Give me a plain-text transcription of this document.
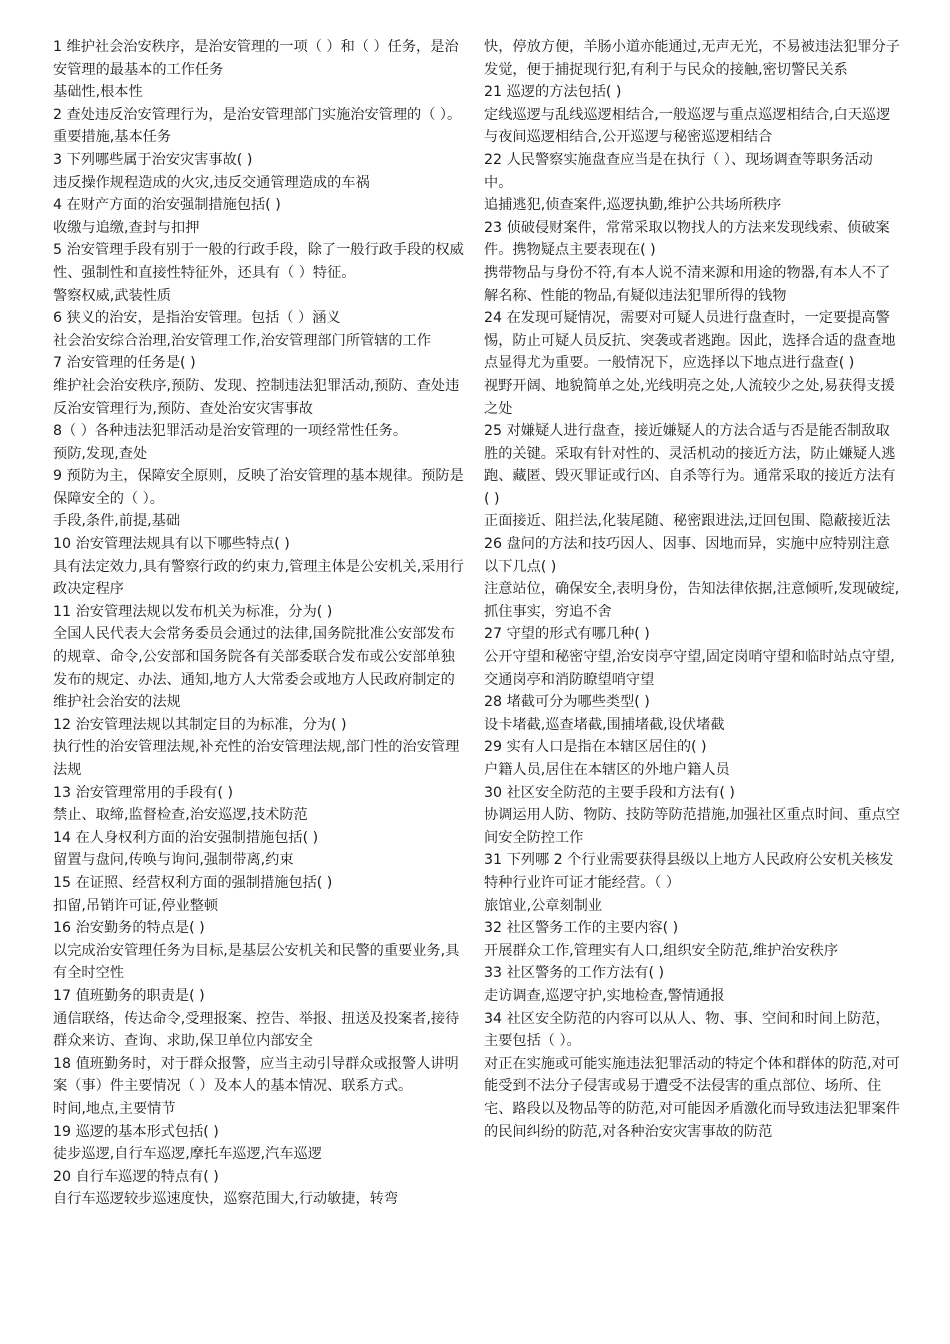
1 维护社会治安秩序，是治安管理的一项（ ）和（ ）任务，是治安管理的最基本的工作任务

基础性,根本性

2 查处违反治安管理行为，是治安管理部门实施治安管理的（ ）。

重要措施,基本任务

3 下列哪些属于治安灾害事故( )

违反操作规程造成的火灾,违反交通管理造成的车祸

4 在财产方面的治安强制措施包括( )

收缴与追缴,查封与扣押

5 治安管理手段有别于一般的行政手段，除了一般行政手段的权威性、强制性和直接性特征外，还具有（ ）特征。

警察权威,武装性质

6 狭义的治安，是指治安管理。包括（ ）涵义

社会治安综合治理,治安管理工作,治安管理部门所管辖的工作

7 治安管理的任务是( )

维护社会治安秩序,预防、发现、控制违法犯罪活动,预防、查处违反治安管理行为,预防、查处治安灾害事故

8（ ）各种违法犯罪活动是治安管理的一项经常性任务。

预防,发现,查处

9 预防为主，保障安全原则，反映了治安管理的基本规律。预防是保障安全的（ ）。

手段,条件,前提,基础

10 治安管理法规具有以下哪些特点( )

具有法定效力,具有警察行政的约束力,管理主体是公安机关,采用行政决定程序

11 治安管理法规以发布机关为标准，分为( )

全国人民代表大会常务委员会通过的法律,国务院批准公安部发布的规章、命令,公安部和国务院各有关部委联合发布或公安部单独发布的规定、办法、通知,地方人大常委会或地方人民政府制定的维护社会治安的法规

12 治安管理法规以其制定目的为标准，分为( )

执行性的治安管理法规,补充性的治安管理法规,部门性的治安管理法规

13 治安管理常用的手段有( )

禁止、取缔,监督检查,治安巡逻,技术防范

14 在人身权利方面的治安强制措施包括( )

留置与盘问,传唤与询问,强制带离,约束

15 在证照、经营权利方面的强制措施包括( )

扣留,吊销许可证,停业整顿

16 治安勤务的特点是( )

以完成治安管理任务为目标,是基层公安机关和民警的重要业务,具有全时空性

17 值班勤务的职责是( )

通信联络，传达命令,受理报案、控告、举报、扭送及投案者,接待群众来访、查询、求助,保卫单位内部安全

18 值班勤务时，对于群众报警，应当主动引导群众或报警人讲明案（事）件主要情况（ ）及本人的基本情况、联系方式。

时间,地点,主要情节

19 巡逻的基本形式包括( )

徒步巡逻,自行车巡逻,摩托车巡逻,汽车巡逻

20 自行车巡逻的特点有( )

自行车巡逻较步巡速度快，巡察范围大,行动敏捷，转弯

快，停放方便，羊肠小道亦能通过,无声无光，不易被违法犯罪分子发觉，便于捕捉现行犯,有利于与民众的接触,密切警民关系

21 巡逻的方法包括( )

定线巡逻与乱线巡逻相结合,一般巡逻与重点巡逻相结合,白天巡逻与夜间巡逻相结合,公开巡逻与秘密巡逻相结合

22 人民警察实施盘查应当是在执行（ ）、现场调查等职务活动中。

追捕逃犯,侦查案件,巡逻执勤,维护公共场所秩序

23 侦破侵财案件，常常采取以物找人的方法来发现线索、侦破案件。携物疑点主要表现在( )

携带物品与身份不符,有本人说不清来源和用途的物器,有本人不了解名称、性能的物品,有疑似违法犯罪所得的钱物

24 在发现可疑情况，需要对可疑人员进行盘查时，一定要提高警惕，防止可疑人员反抗、突袭或者逃跑。因此，选择合适的盘查地点显得尤为重要。一般情况下，应选择以下地点进行盘查( )

视野开阔、地貌简单之处,光线明亮之处,人流较少之处,易获得支援之处

25 对嫌疑人进行盘查，接近嫌疑人的方法合适与否是能否制敌取胜的关键。采取有针对性的、灵活机动的接近方法，防止嫌疑人逃跑、藏匿、毁灭罪证或行凶、自杀等行为。通常采取的接近方法有( )

正面接近、阻拦法,化装尾随、秘密跟进法,迂回包围、隐蔽接近法

26 盘问的方法和技巧因人、因事、因地而异，实施中应特别注意以下几点( )

注意站位，确保安全,表明身份，告知法律依据,注意倾听,发现破绽,抓住事实，穷追不舍

27 守望的形式有哪几种( )

公开守望和秘密守望,治安岗亭守望,固定岗哨守望和临时站点守望,交通岗亭和消防瞭望哨守望

28 堵截可分为哪些类型( )

设卡堵截,巡查堵截,围捕堵截,设伏堵截

29 实有人口是指在本辖区居住的( )

户籍人员,居住在本辖区的外地户籍人员

30 社区安全防范的主要手段和方法有( )

协调运用人防、物防、技防等防范措施,加强社区重点时间、重点空间安全防控工作

31 下列哪 2 个行业需要获得县级以上地方人民政府公安机关核发特种行业许可证才能经营。（ ）

旅馆业,公章刻制业

32 社区警务工作的主要内容( )

开展群众工作,管理实有人口,组织安全防范,维护治安秩序

33 社区警务的工作方法有( )

走访调查,巡逻守护,实地检查,警情通报

34 社区安全防范的内容可以从人、物、事、空间和时间上防范，主要包括（ ）。

对正在实施或可能实施违法犯罪活动的特定个体和群体的防范,对可能受到不法分子侵害或易于遭受不法侵害的重点部位、场所、住宅、路段以及物品等的防范,对可能因矛盾激化而导致违法犯罪案件的民间纠纷的防范,对各种治安灾害事故的防范
